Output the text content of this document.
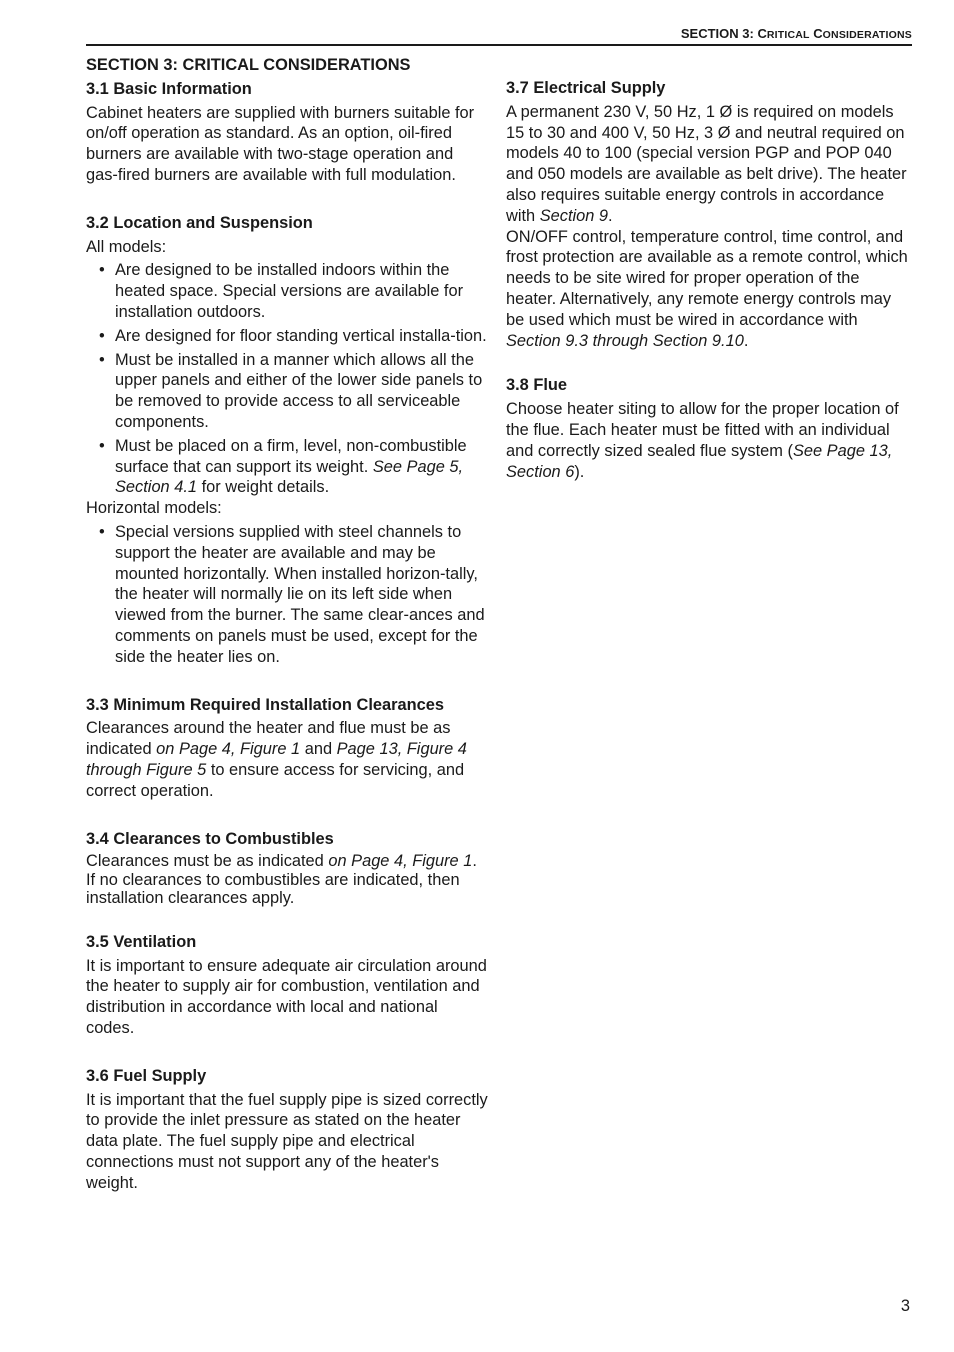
SECTION 3: CRITICAL CONSIDERATIONS
SECTION 3: CRITICAL CONSIDERATIONS
3.1 Basic Information

Cabinet heaters are supplied with burners suitable for on/off operation as standard. As an option, oil-fired burners are available with two-stage operation and gas-fired burners are available with full modulation.

3.2 Location and Suspension

All models:

• Are designed to be installed indoors within the heated space. Special versions are available for installation outdoors.
• Are designed for floor standing vertical installa-tion.
• Must be installed in a manner which allows all the upper panels and either of the lower side panels to be removed to provide access to all serviceable components.
• Must be placed on a firm, level, non-combustible surface that can support its weight. See Page 5, Section 4.1 for weight details.

Horizontal models:

• Special versions supplied with steel channels to support the heater are available and may be mounted horizontally. When installed horizon-tally, the heater will normally lie on its left side when viewed from the burner. The same clear-ances and comments on panels must be used, except for the side the heater lies on.
3.3 Minimum Required Installation Clearances

Clearances around the heater and flue must be as indicated on Page 4, Figure 1 and Page 13, Figure 4 through Figure 5 to ensure access for servicing, and correct operation.

3.4 Clearances to Combustibles

Clearances must be as indicated on Page 4, Figure 1. If no clearances to combustibles are indicated, then installation clearances apply.

3.5 Ventilation

It is important to ensure adequate air circulation around the heater to supply air for combustion, ventilation and distribution in accordance with local and national codes.

3.6 Fuel Supply

It is important that the fuel supply pipe is sized correctly to provide the inlet pressure as stated on the heater data plate. The fuel supply pipe and electrical connections must not support any of the heater's weight.

3.7 Electrical Supply

A permanent 230 V, 50 Hz, 1 Ø is required on models 15 to 30 and 400 V, 50 Hz, 3 Ø and neutral required on models 40 to 100 (special version PGP and POP 040 and 050 models are available as belt drive). The heater also requires suitable energy controls in accordance with Section 9.

ON/OFF control, temperature control, time control, and frost protection are available as a remote control, which needs to be site wired for proper operation of the heater. Alternatively, any remote energy controls may be used which must be wired in accordance with Section 9.3 through Section 9.10.

3.8 Flue

Choose heater siting to allow for the proper location of the flue. Each heater must be fitted with an individual and correctly sized sealed flue system (See Page 13, Section 6).

3
